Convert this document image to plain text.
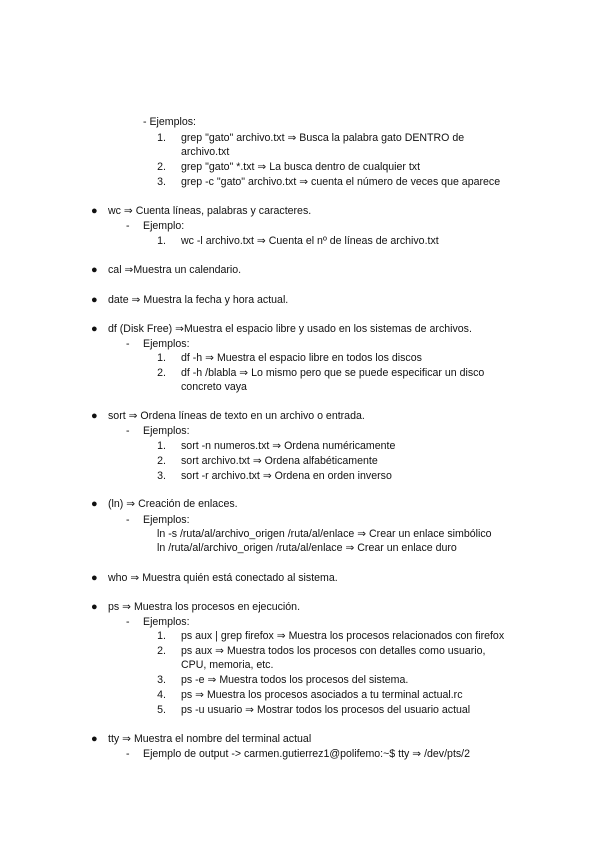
- Ejemplos:
1. grep "gato" archivo.txt ⇒ Busca la palabra gato DENTRO de
archivo.txt
2. grep "gato" *.txt ⇒ La busca dentro de cualquier txt
3. grep -c "gato" archivo.txt ⇒ cuenta el número de veces que aparece
● wc ⇒ Cuenta líneas, palabras y caracteres.
- Ejemplo:
1. wc -l archivo.txt ⇒ Cuenta el nº de líneas de archivo.txt
● cal ⇒Muestra un calendario.
● date ⇒ Muestra la fecha y hora actual.
● df (Disk Free) ⇒Muestra el espacio libre y usado en los sistemas de archivos.
- Ejemplos:
1. df -h ⇒ Muestra el espacio libre en todos los discos
2. df -h /blabla ⇒ Lo mismo pero que se puede especificar un disco
concreto vaya
● sort ⇒ Ordena líneas de texto en un archivo o entrada.
- Ejemplos:
1. sort -n numeros.txt ⇒ Ordena numéricamente
2. sort archivo.txt ⇒ Ordena alfabéticamente
3. sort -r archivo.txt ⇒ Ordena en orden inverso
● (ln) ⇒ Creación de enlaces.
- Ejemplos:
ln -s /ruta/al/archivo_origen /ruta/al/enlace ⇒ Crear un enlace simbólico
ln /ruta/al/archivo_origen /ruta/al/enlace ⇒ Crear un enlace duro
● who ⇒ Muestra quién está conectado al sistema.
● ps ⇒ Muestra los procesos en ejecución.
- Ejemplos:
1. ps aux | grep firefox ⇒ Muestra los procesos relacionados con firefox
2. ps aux ⇒ Muestra todos los procesos con detalles como usuario,
CPU, memoria, etc.
3. ps -e ⇒ Muestra todos los procesos del sistema.
4. ps ⇒ Muestra los procesos asociados a tu terminal actual.rc
5. ps -u usuario ⇒ Mostrar todos los procesos del usuario actual
● tty ⇒ Muestra el nombre del terminal actual
- Ejemplo de output -> carmen.gutierrez1@polifemo:~$ tty ⇒ /dev/pts/2
